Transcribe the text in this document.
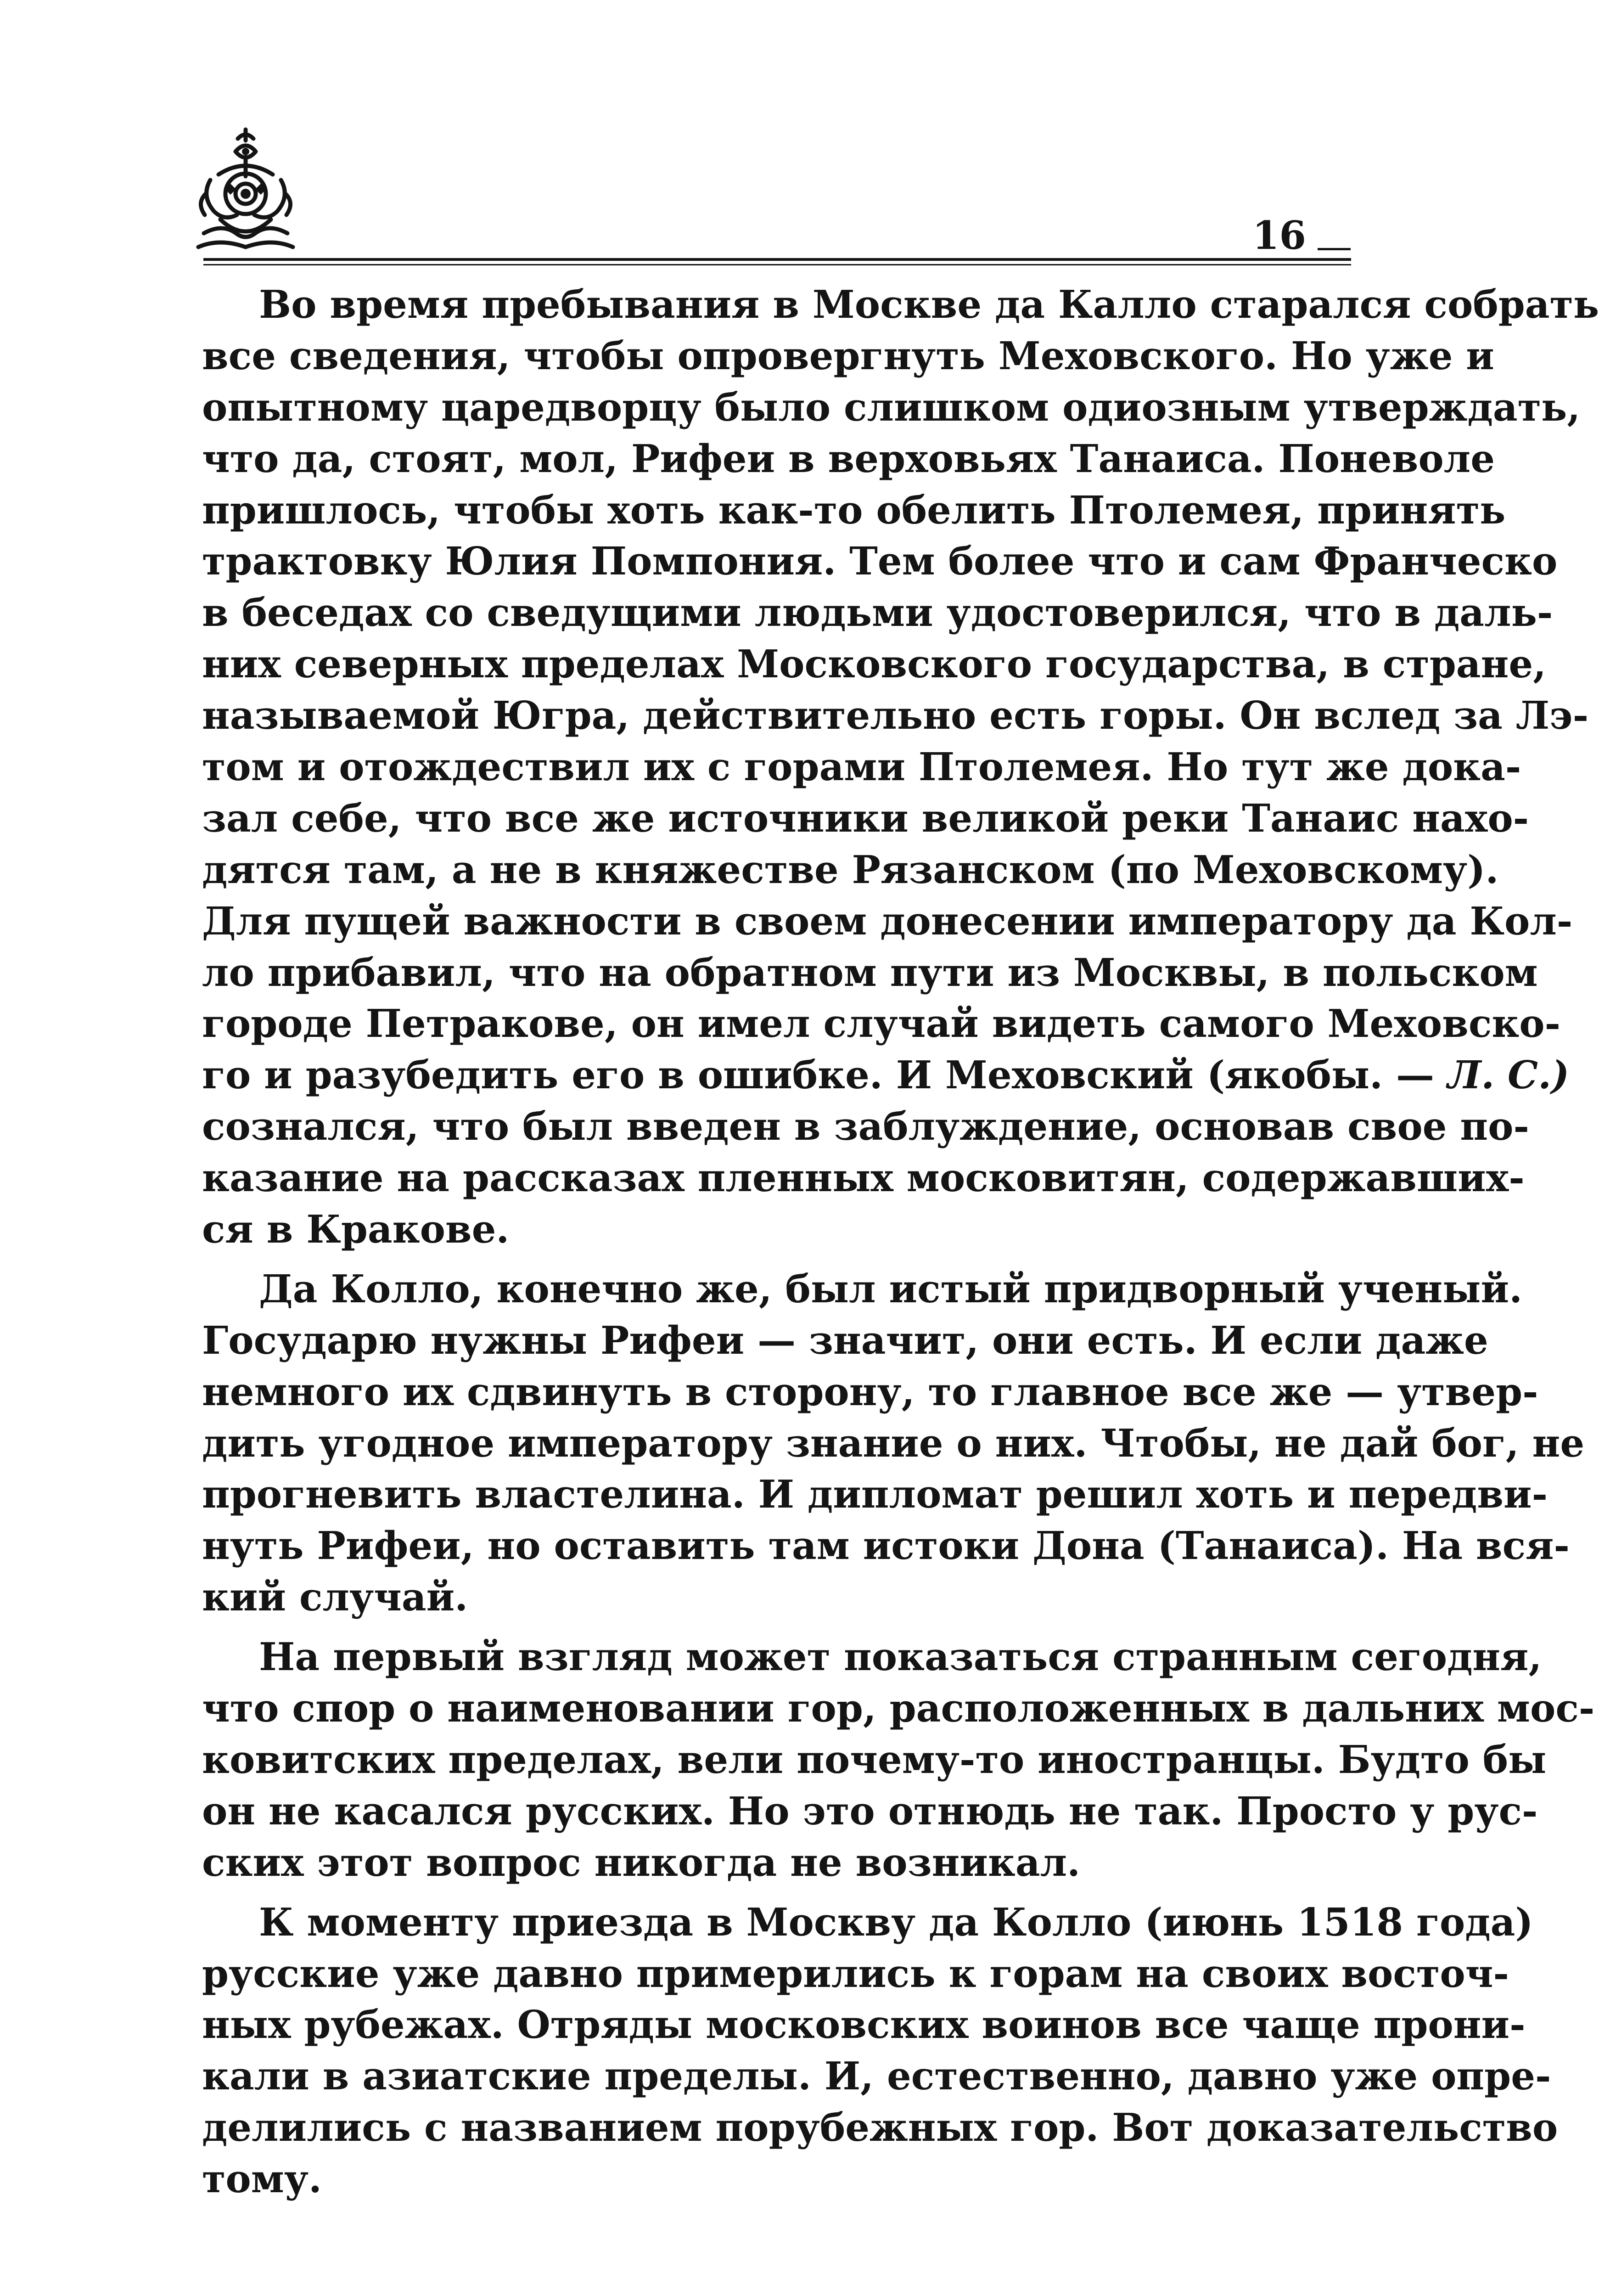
16
Во время пребывания в Москве да Калло старался собрать
все сведения, чтобы опровергнуть Меховского. Но уже и
опытному царедворцу было слишком одиозным утверждать,
что да, стоят, мол, Рифеи в верховьях Танаиса. Поневоле
пришлось, чтобы хоть как-то обелить Птолемея, принять
трактовку Юлия Помпония. Тем более что и сам Франческо
в беседах со сведущими людьми удостоверился, что в даль-
них северных пределах Московского государства, в стране,
называемой Югра, действительно есть горы. Он вслед за Лэ-
том и отождествил их с горами Птолемея. Но тут же дока-
зал себе, что все же источники великой реки Танаис нахо-
дятся там, а не в княжестве Рязанском (по Меховскому).
Для пущей важности в своем донесении императору да Кол-
ло прибавил, что на обратном пути из Москвы, в польском
городе Петракове, он имел случай видеть самого Меховско-
го и разубедить его в ошибке. И Меховский (якобы. — Л. С.)
сознался, что был введен в заблуждение, основав свое по-
казание на рассказах пленных московитян, содержавших-
ся в Кракове.
Да Колло, конечно же, был истый придворный ученый.
Государю нужны Рифеи — значит, они есть. И если даже
немного их сдвинуть в сторону, то главное все же — утвер-
дить угодное императору знание о них. Чтобы, не дай бог, не
прогневить властелина. И дипломат решил хоть и передви-
нуть Рифеи, но оставить там истоки Дона (Танаиса). На вся-
кий случай.
На первый взгляд может показаться странным сегодня,
что спор о наименовании гор, расположенных в дальних мос-
ковитских пределах, вели почему-то иностранцы. Будто бы
он не касался русских. Но это отнюдь не так. Просто у рус-
ских этот вопрос никогда не возникал.
К моменту приезда в Москву да Колло (июнь 1518 года)
русские уже давно примерились к горам на своих восточ-
ных рубежах. Отряды московских воинов все чаще прони-
кали в азиатские пределы. И, естественно, давно уже опре-
делились с названием порубежных гор. Вот доказательство
тому.
